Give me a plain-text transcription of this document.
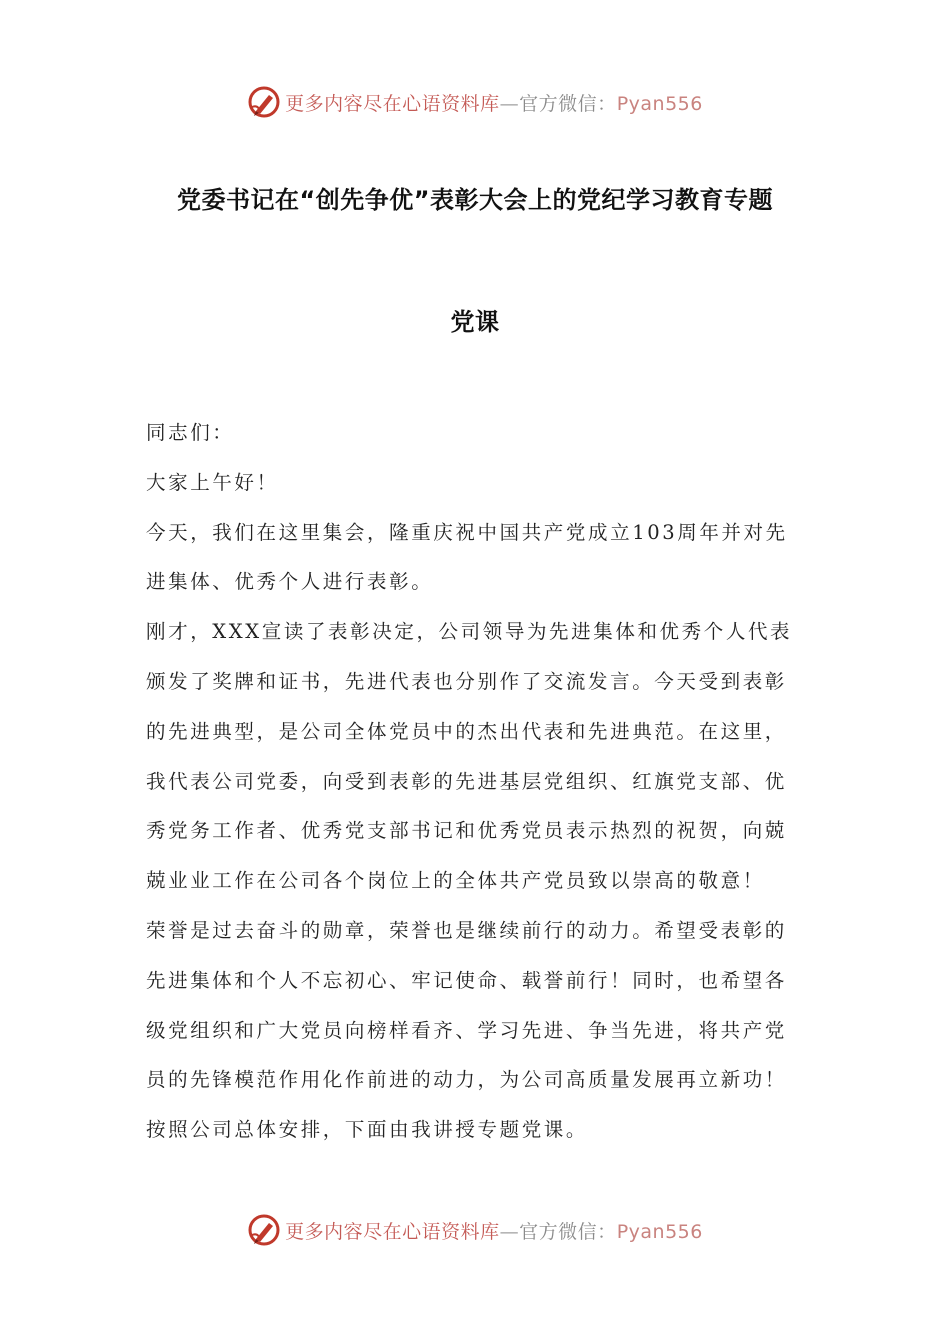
更多内容尽在心语资料库—官方微信：Pyan556
党委书记在“创先争优”表彰大会上的党纪学习教育专题
党课
同志们：
大家上午好！
今天，我们在这里集会，隆重庆祝中国共产党成立103周年并对先
进集体、优秀个人进行表彰。
刚才，XXX宣读了表彰决定，公司领导为先进集体和优秀个人代表
颁发了奖牌和证书，先进代表也分别作了交流发言。今天受到表彰
的先进典型，是公司全体党员中的杰出代表和先进典范。在这里，
我代表公司党委，向受到表彰的先进基层党组织、红旗党支部、优
秀党务工作者、优秀党支部书记和优秀党员表示热烈的祝贺，向兢
兢业业工作在公司各个岗位上的全体共产党员致以崇高的敬意！
荣誉是过去奋斗的勋章，荣誉也是继续前行的动力。希望受表彰的
先进集体和个人不忘初心、牢记使命、载誉前行！同时，也希望各
级党组织和广大党员向榜样看齐、学习先进、争当先进，将共产党
员的先锋模范作用化作前进的动力，为公司高质量发展再立新功！
按照公司总体安排，下面由我讲授专题党课。
更多内容尽在心语资料库—官方微信：Pyan556
